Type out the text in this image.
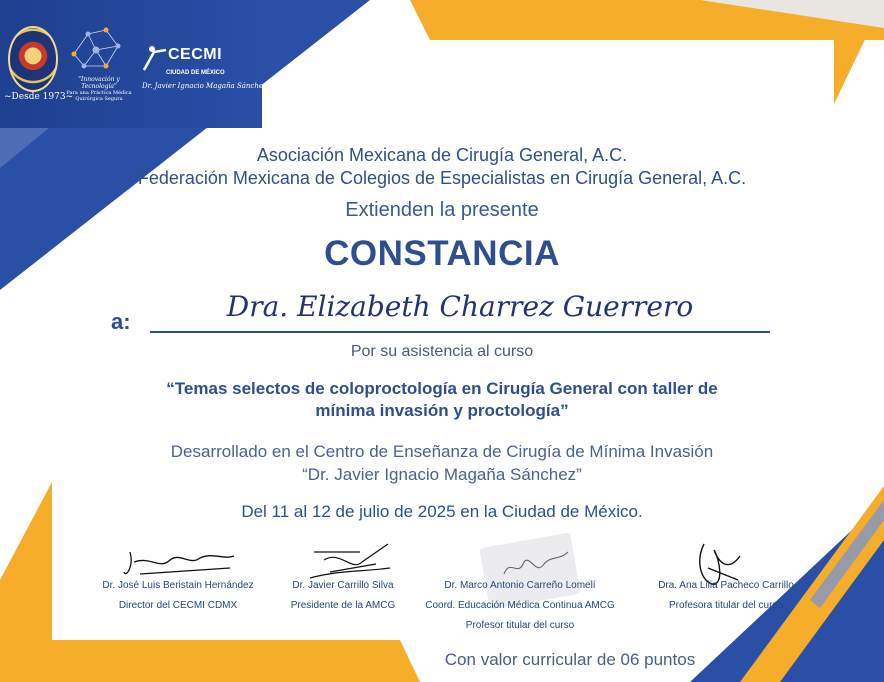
~Desde 1973~
"Innovación y Tecnología"
Para una Práctica Médica Quirúrgica Segura
CECMI
CIUDAD DE MÉXICO
Dr. Javier Ignacio Magaña Sánchez
Asociación Mexicana de Cirugía General, A.C.
Federación Mexicana de Colegios de Especialistas en Cirugía General, A.C.
Extienden la presente
CONSTANCIA
a:	Dra. Elizabeth Charrez Guerrero
Por su asistencia al curso
“Temas selectos de coloproctología en Cirugía General con taller de
mínima invasión y proctología”
Desarrollado en el Centro de Enseñanza de Cirugía de Mínima Invasión
“Dr. Javier Ignacio Magaña Sánchez”
Del 11 al 12 de julio de 2025 en la Ciudad de México.
Dr. José Luis Beristain Hernández
Director del CECMI CDMX
Dr. Javier Carrillo Silva
Presidente de la AMCG
Dr. Marco Antonio Carreño Lomelí
Coord. Educación Médica Continua AMCG
Profesor titular del curso
Dra. Ana Lilia Pacheco Carrillo
Profesora titular del curso
Con valor curricular de 06 puntos
